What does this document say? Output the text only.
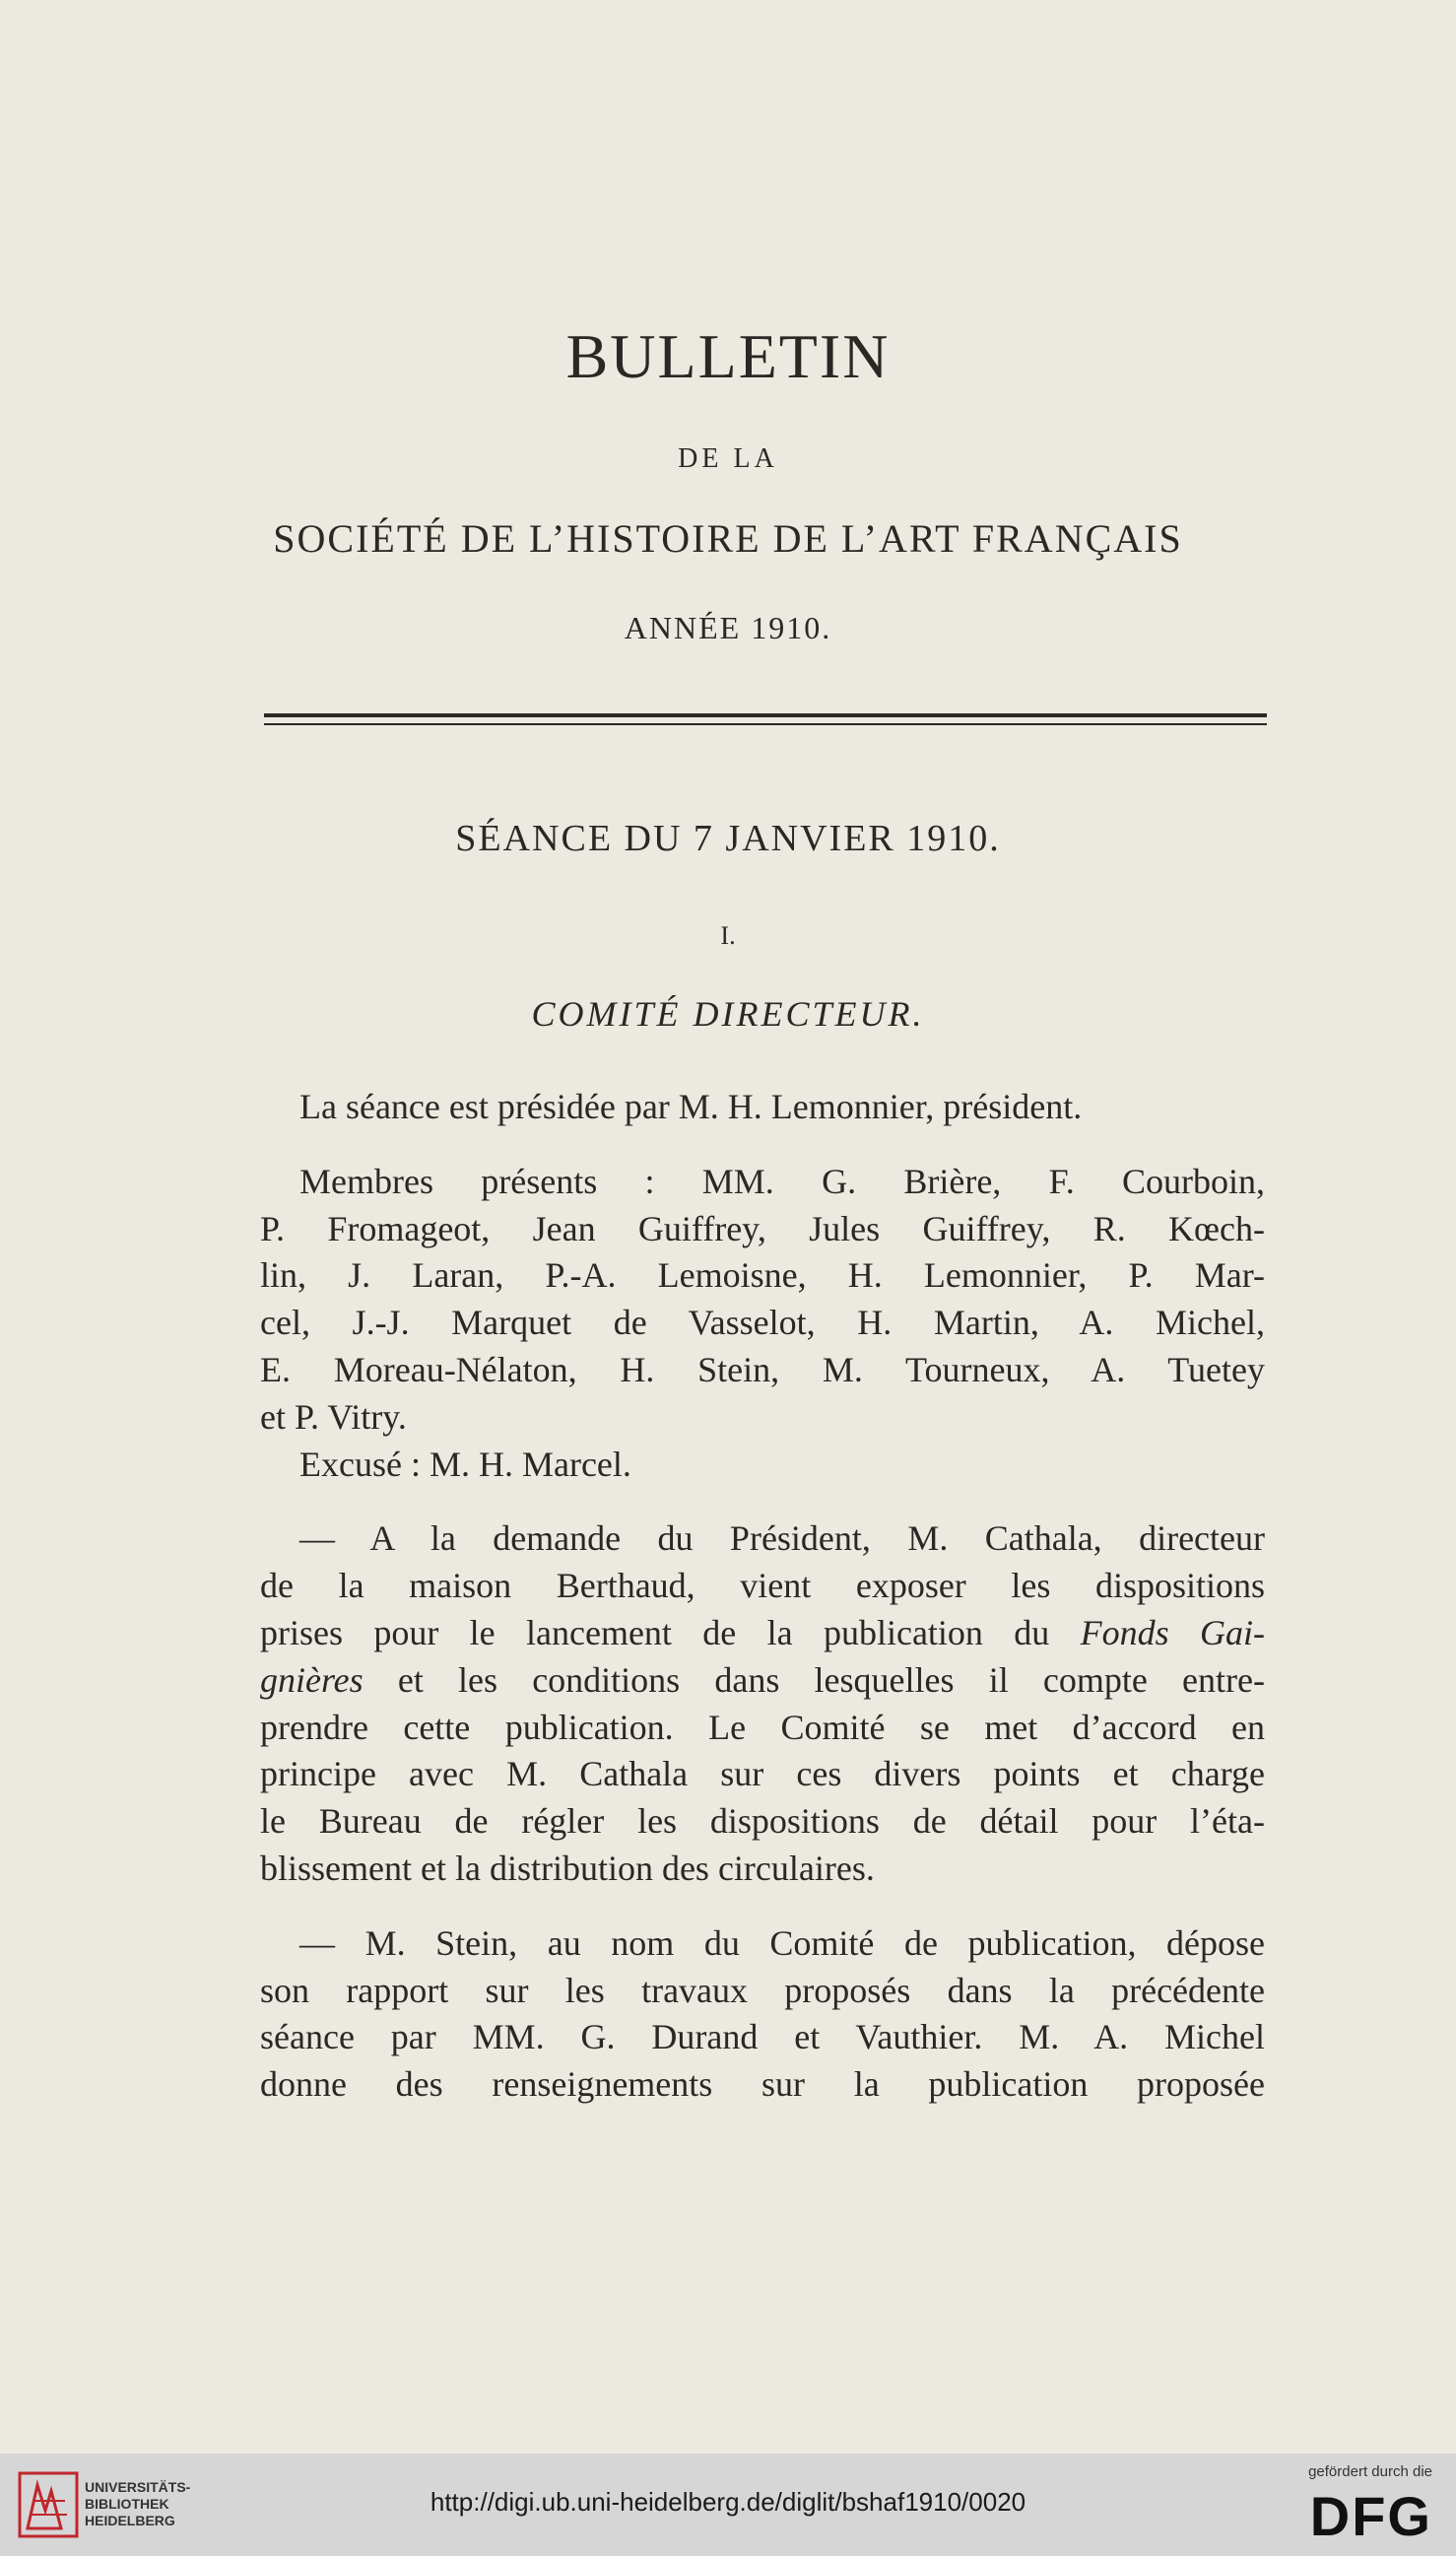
BULLETIN
DE LA
SOCIÉTÉ DE L’HISTOIRE DE L’ART FRANÇAIS
ANNÉE 1910.
SÉANCE DU 7 JANVIER 1910.
I.
COMITÉ DIRECTEUR.
La séance est présidée par M. H. Lemonnier, président.
Membres présents : MM. G. Brière, F. Courboin,
P. Fromageot, Jean Guiffrey, Jules Guiffrey, R. Kœch-
lin, J. Laran, P.-A. Lemoisne, H. Lemonnier, P. Mar-
cel, J.-J. Marquet de Vasselot, H. Martin, A. Michel,
E. Moreau-Nélaton, H. Stein, M. Tourneux, A. Tuetey
et P. Vitry.
Excusé : M. H. Marcel.
— A la demande du Président, M. Cathala, directeur
de la maison Berthaud, vient exposer les dispositions
prises pour le lancement de la publication du Fonds Gai-
gnières et les conditions dans lesquelles il compte entre-
prendre cette publication. Le Comité se met d’accord en
principe avec M. Cathala sur ces divers points et charge
le Bureau de régler les dispositions de détail pour l’éta-
blissement et la distribution des circulaires.
— M. Stein, au nom du Comité de publication, dépose
son rapport sur les travaux proposés dans la précédente
séance par MM. G. Durand et Vauthier. M. A. Michel
donne des renseignements sur la publication proposée
UNIVERSITÄTS-
BIBLIOTHEK
HEIDELBERG
http://digi.ub.uni-heidelberg.de/diglit/bshaf1910/0020
gefördert durch die
DFG
